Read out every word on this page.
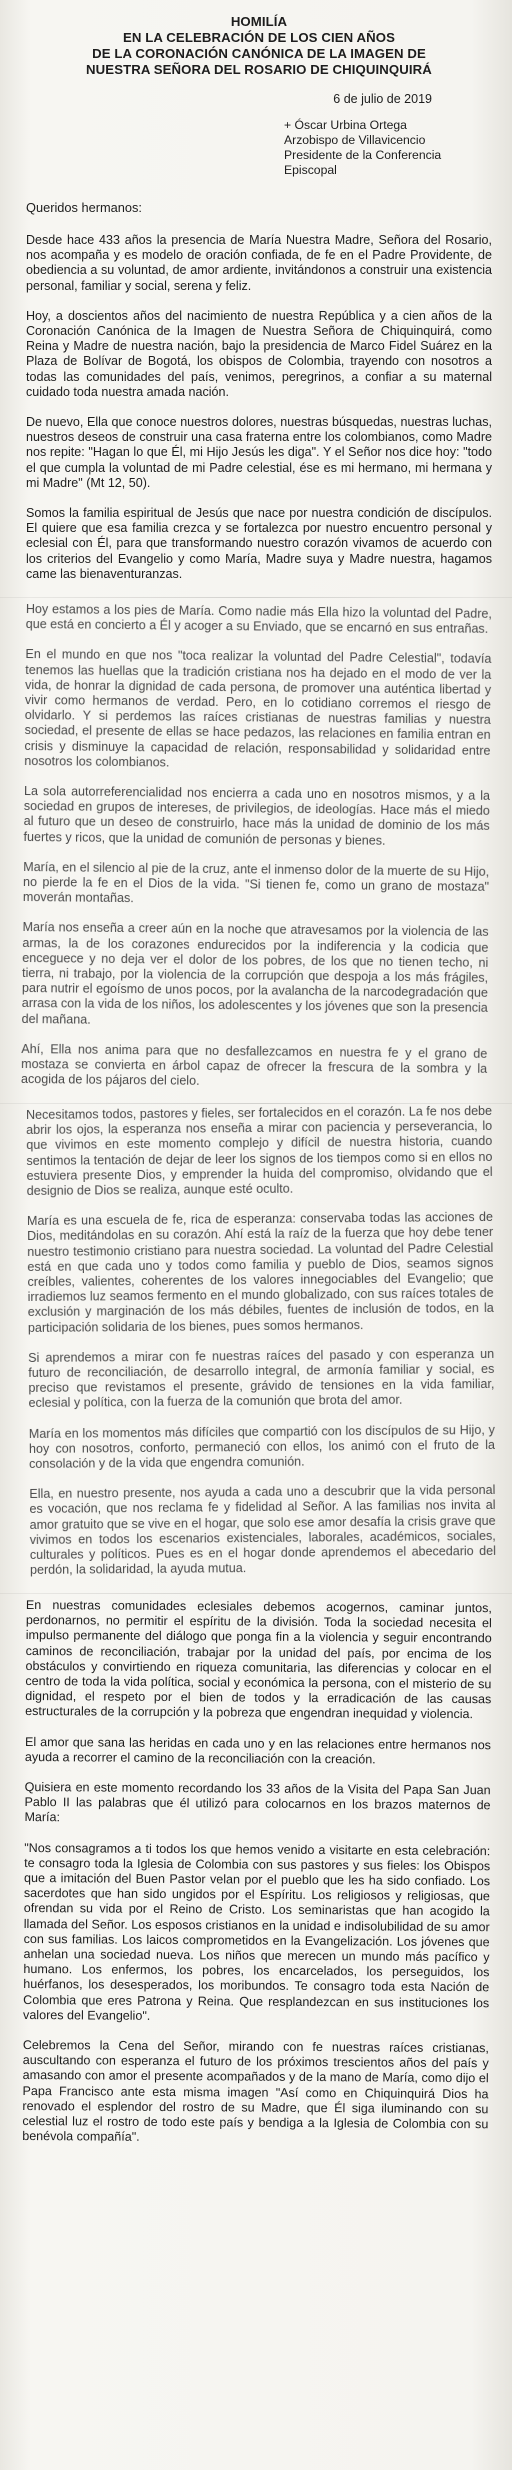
HOMILÍA
EN LA CELEBRACIÓN DE LOS CIEN AÑOS
DE LA CORONACIÓN CANÓNICA DE LA IMAGEN DE
NUESTRA SEÑORA DEL ROSARIO DE CHIQUINQUIRÁ
6 de julio de 2019
+ Óscar Urbina Ortega
Arzobispo de Villavicencio
Presidente de la Conferencia Episcopal
Queridos hermanos:

Desde hace 433 años la presencia de María Nuestra Madre, Señora del Rosario, nos acompaña y es modelo de oración confiada, de fe en el Padre Providente, de obediencia a su voluntad, de amor ardiente, invitándonos a construir una existencia personal, familiar y social, serena y feliz.

Hoy, a doscientos años del nacimiento de nuestra República y a cien años de la Coronación Canónica de la Imagen de Nuestra Señora de Chiquinquirá, como Reina y Madre de nuestra nación, bajo la presidencia de Marco Fidel Suárez en la Plaza de Bolívar de Bogotá, los obispos de Colombia, trayendo con nosotros a todas las comunidades del país, venimos, peregrinos, a confiar a su maternal cuidado toda nuestra amada nación.

De nuevo, Ella que conoce nuestros dolores, nuestras búsquedas, nuestras luchas, nuestros deseos de construir una casa fraterna entre los colombianos, como Madre nos repite: "Hagan lo que Él, mi Hijo Jesús les diga". Y el Señor nos dice hoy: "todo el que cumpla la voluntad de mi Padre celestial, ése es mi hermano, mi hermana y mi Madre" (Mt 12, 50).

Somos la familia espiritual de Jesús que nace por nuestra condición de discípulos. El quiere que esa familia crezca y se fortalezca por nuestro encuentro personal y eclesial con Él, para que transformando nuestro corazón vivamos de acuerdo con los criterios del Evangelio y como María, Madre suya y Madre nuestra, hagamos came las bienaventuranzas.

Hoy estamos a los pies de María. Como nadie más Ella hizo la voluntad del Padre, que está en concierto a Él y acoger a su Enviado, que se encarnó en sus entrañas.

En el mundo en que nos "toca realizar la voluntad del Padre Celestial", todavía tenemos las huellas que la tradición cristiana nos ha dejado en el modo de ver la vida, de honrar la dignidad de cada persona, de promover una auténtica libertad y vivir como hermanos de verdad. Pero, en lo cotidiano corremos el riesgo de olvidarlo. Y si perdemos las raíces cristianas de nuestras familias y nuestra sociedad, el presente de ellas se hace pedazos, las relaciones en familia entran en crisis y disminuye la capacidad de relación, responsabilidad y solidaridad entre nosotros los colombianos.

La sola autorreferencialidad nos encierra a cada uno en nosotros mismos, y a la sociedad en grupos de intereses, de privilegios, de ideologías. Hace más el miedo al futuro que un deseo de construirlo, hace más la unidad de dominio de los más fuertes y ricos, que la unidad de comunión de personas y bienes.

María, en el silencio al pie de la cruz, ante el inmenso dolor de la muerte de su Hijo, no pierde la fe en el Dios de la vida. "Si tienen fe, como un grano de mostaza" moverán montañas.

María nos enseña a creer aún en la noche que atravesamos por la violencia de las armas, la de los corazones endurecidos por la indiferencia y la codicia que enceguece y no deja ver el dolor de los pobres, de los que no tienen techo, ni tierra, ni trabajo, por la violencia de la corrupción que despoja a los más frágiles, para nutrir el egoísmo de unos pocos, por la avalancha de la narcodegradación que arrasa con la vida de los niños, los adolescentes y los jóvenes que son la presencia del mañana.

Ahí, Ella nos anima para que no desfallezcamos en nuestra fe y el grano de mostaza se convierta en árbol capaz de ofrecer la frescura de la sombra y la acogida de los pájaros del cielo.

Necesitamos todos, pastores y fieles, ser fortalecidos en el corazón. La fe nos debe abrir los ojos, la esperanza nos enseña a mirar con paciencia y perseverancia, lo que vivimos en este momento complejo y difícil de nuestra historia, cuando sentimos la tentación de dejar de leer los signos de los tiempos como si en ellos no estuviera presente Dios, y emprender la huida del compromiso, olvidando que el designio de Dios se realiza, aunque esté oculto.

María es una escuela de fe, rica de esperanza: conservaba todas las acciones de Dios, meditándolas en su corazón. Ahí está la raíz de la fuerza que hoy debe tener nuestro testimonio cristiano para nuestra sociedad. La voluntad del Padre Celestial está en que cada uno y todos como familia y pueblo de Dios, seamos signos creíbles, valientes, coherentes de los valores innegociables del Evangelio; que irradiemos luz seamos fermento en el mundo globalizado, con sus raíces totales de exclusión y marginación de los más débiles, fuentes de inclusión de todos, en la participación solidaria de los bienes, pues somos hermanos.

Si aprendemos a mirar con fe nuestras raíces del pasado y con esperanza un futuro de reconciliación, de desarrollo integral, de armonía familiar y social, es preciso que revistamos el presente, grávido de tensiones en la vida familiar, eclesial y política, con la fuerza de la comunión que brota del amor.

María en los momentos más difíciles que compartió con los discípulos de su Hijo, y hoy con nosotros, conforto, permaneció con ellos, los animó con el fruto de la consolación y de la vida que engendra comunión.

Ella, en nuestro presente, nos ayuda a cada uno a descubrir que la vida personal es vocación, que nos reclama fe y fidelidad al Señor. A las familias nos invita al amor gratuito que se vive en el hogar, que solo ese amor desafía la crisis grave que vivimos en todos los escenarios existenciales, laborales, académicos, sociales, culturales y políticos. Pues es en el hogar donde aprendemos el abecedario del perdón, la solidaridad, la ayuda mutua.

En nuestras comunidades eclesiales debemos acogernos, caminar juntos, perdonarnos, no permitir el espíritu de la división. Toda la sociedad necesita el impulso permanente del diálogo que ponga fin a la violencia y seguir encontrando caminos de reconciliación, trabajar por la unidad del país, por encima de los obstáculos y convirtiendo en riqueza comunitaria, las diferencias y colocar en el centro de toda la vida política, social y económica la persona, con el misterio de su dignidad, el respeto por el bien de todos y la erradicación de las causas estructurales de la corrupción y la pobreza que engendran inequidad y violencia.

El amor que sana las heridas en cada uno y en las relaciones entre hermanos nos ayuda a recorrer el camino de la reconciliación con la creación.

Quisiera en este momento recordando los 33 años de la Visita del Papa San Juan Pablo II las palabras que él utilizó para colocarnos en los brazos maternos de María:

"Nos consagramos a ti todos los que hemos venido a visitarte en esta celebración: te consagro toda la Iglesia de Colombia con sus pastores y sus fieles: los Obispos que a imitación del Buen Pastor velan por el pueblo que les ha sido confiado. Los sacerdotes que han sido ungidos por el Espíritu. Los religiosos y religiosas, que ofrendan su vida por el Reino de Cristo. Los seminaristas que han acogido la llamada del Señor. Los esposos cristianos en la unidad e indisolubilidad de su amor con sus familias. Los laicos comprometidos en la Evangelización. Los jóvenes que anhelan una sociedad nueva. Los niños que merecen un mundo más pacífico y humano. Los enfermos, los pobres, los encarcelados, los perseguidos, los huérfanos, los desesperados, los moribundos. Te consagro toda esta Nación de Colombia que eres Patrona y Reina. Que resplandezcan en sus instituciones los valores del Evangelio".

Celebremos la Cena del Señor, mirando con fe nuestras raíces cristianas, auscultando con esperanza el futuro de los próximos trescientos años del país y amasando con amor el presente acompañados y de la mano de María, como dijo el Papa Francisco ante esta misma imagen "Así como en Chiquinquirá Dios ha renovado el esplendor del rostro de su Madre, que Él siga iluminando con su celestial luz el rostro de todo este país y bendiga a la Iglesia de Colombia con su benévola compañía".
